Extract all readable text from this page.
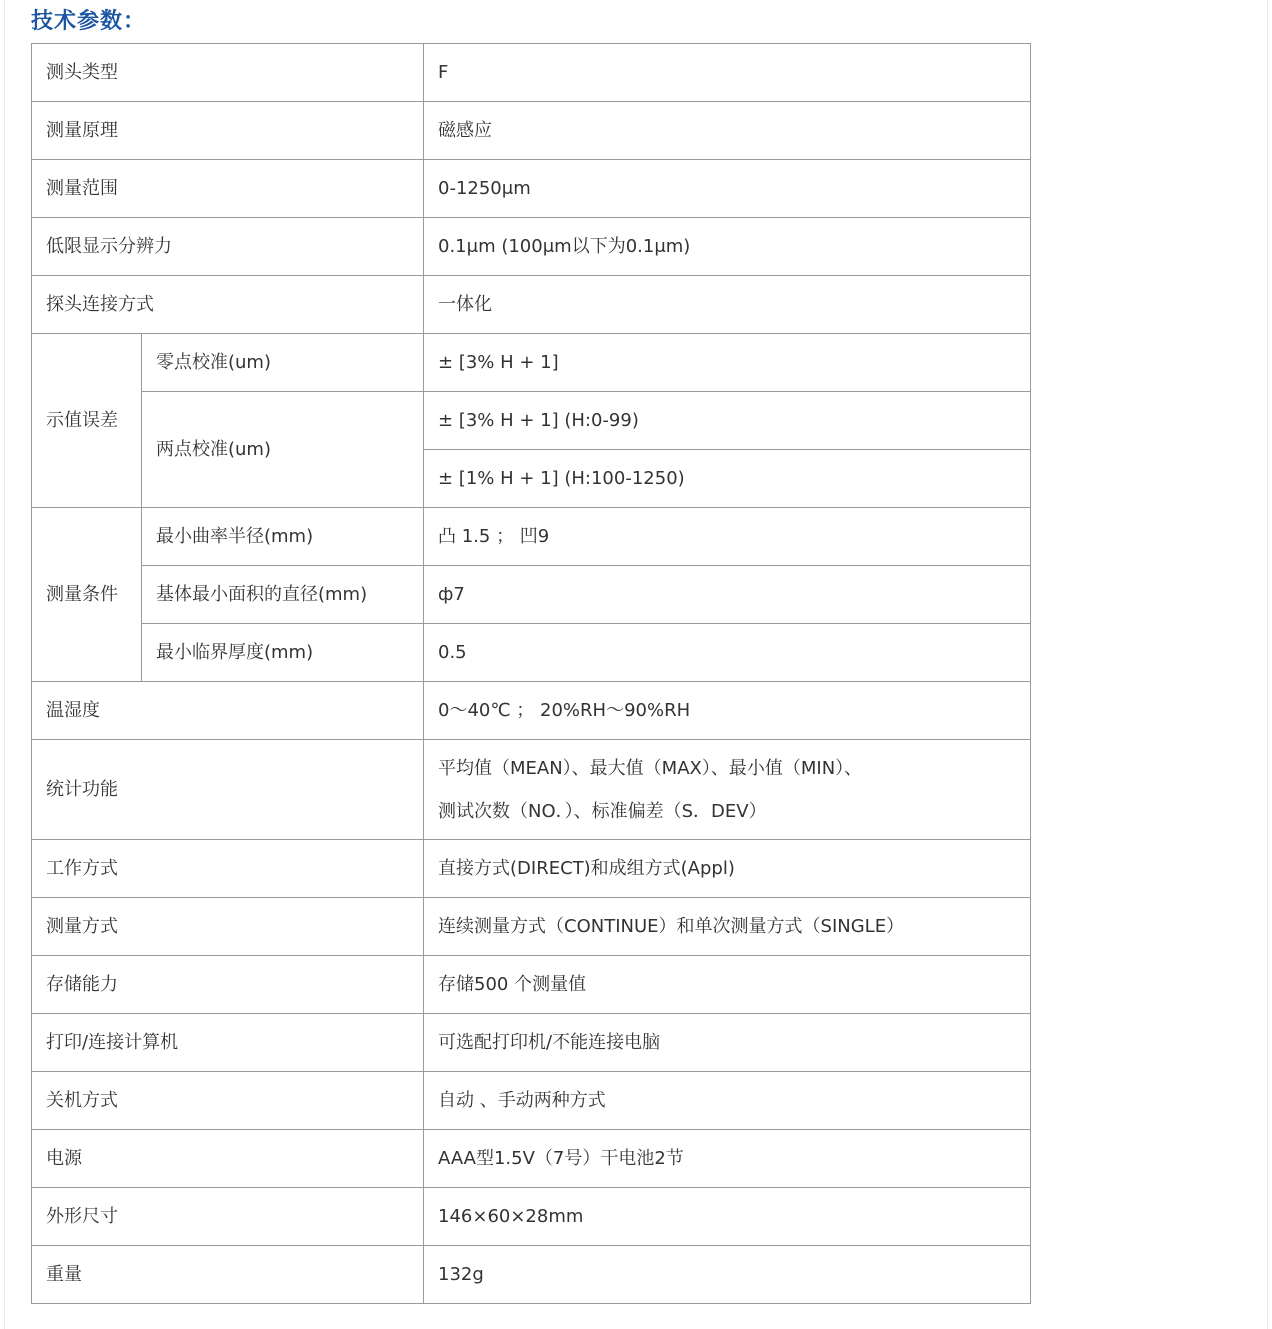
技术参数：
测头类型		F
测量原理		磁感应
测量范围		0-1250μm
低限显示分辨力		0.1μm (100μm以下为0.1μm)
探头连接方式		一体化
示值误差	零点校准(um)	± [3% H + 1]
	两点校准(um)	± [3% H + 1] (H:0-99)
		± [1% H + 1] (H:100-1250)
测量条件	最小曲率半径(mm)	凸 1.5 ； 凹9
	基体最小面积的直径(mm)	ф7
	最小临界厚度(mm)	0.5
温湿度		0～40℃ ； 20%RH～90%RH
统计功能		平均值（MEAN）、最大值（MAX）、最小值（MIN）、
测试次数（NO．）、标准偏差（S．DEV）

工作方式		直接方式(DIRECT)和成组方式(Appl)
测量方式		连续测量方式（CONTINUE）和单次测量方式（SINGLE）
存储能力		存储500 个测量值
打印/连接计算机		可选配打印机/不能连接电脑
关机方式		自动 、手动两种方式
电源		AAA型1.5V（7号）干电池2节
外形尺寸		146×60×28mm
重量		132g
